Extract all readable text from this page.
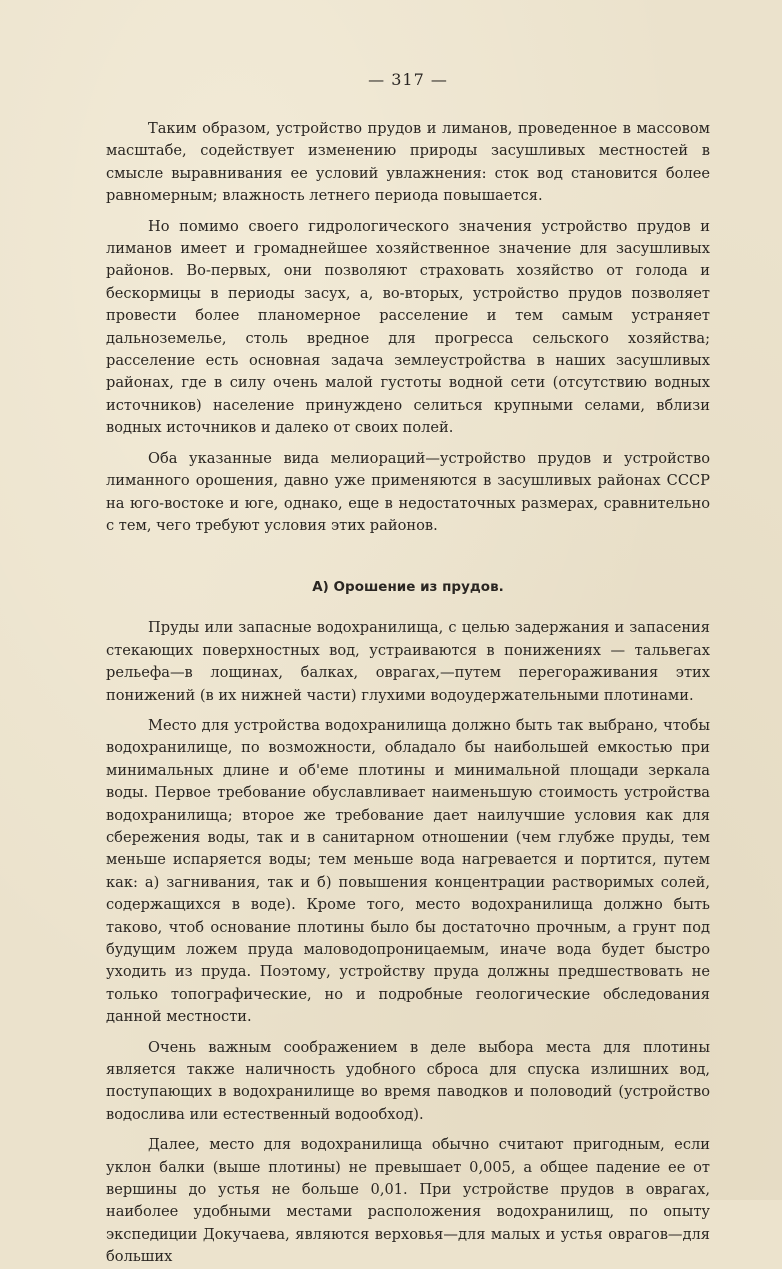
— 317 —

Таким образом, устройство прудов и лиманов, проведенное в массовом масштабе, содействует изменению природы засушливых местностей в смысле выравнивания ее условий увлажнения: сток вод становится более равномерным; влажность летнего периода повышается.

Но помимо своего гидрологического значения устройство прудов и лиманов имеет и громаднейшее хозяйственное значение для засушливых районов. Во-первых, они позволяют страховать хозяйство от голода и бескормицы в периоды засух, а, во-вторых, устройство прудов позволяет провести более планомерное расселение и тем самым устраняет дальноземелье, столь вредное для прогресса сельского хозяйства; расселение есть основная задача землеустройства в наших засушливых районах, где в силу очень малой густоты водной сети (отсутствию водных источников) население принуждено селиться крупными селами, вблизи водных источников и далеко от своих полей.

Оба указанные вида мелиораций—устройство прудов и устройство лиманного орошения, давно уже применяются в засушливых районах СССР на юго-востоке и юге, однако, еще в недостаточных размерах, сравнительно с тем, чего требуют условия этих районов.

А) Орошение из прудов.

Пруды или запасные водохранилища, с целью задержания и запасения стекающих поверхностных вод, устраиваются в понижениях — тальвегах рельефа—в лощинах, балках, оврагах,—путем перегораживания этих понижений (в их нижней части) глухими водоудержательными плотинами.

Место для устройства водохранилища должно быть так выбрано, чтобы водохранилище, по возможности, обладало бы наибольшей емкостью при минимальных длине и об'еме плотины и минимальной площади зеркала воды. Первое требование обуславливает наименьшую стоимость устройства водохранилища; второе же требование дает наилучшие условия как для сбережения воды, так и в санитарном отношении (чем глубже пруды, тем меньше испаряется воды; тем меньше вода нагревается и портится, путем как: а) загнивания, так и б) повышения концентрации растворимых солей, содержащихся в воде). Кроме того, место водохранилища должно быть таково, чтоб основание плотины было бы достаточно прочным, а грунт под будущим ложем пруда маловодопроницаемым, иначе вода будет быстро уходить из пруда. Поэтому, устройству пруда должны предшествовать не только топографические, но и подробные геологические обследования данной местности.

Очень важным соображением в деле выбора места для плотины является также наличность удобного сброса для спуска излишних вод, поступающих в водохранилище во время паводков и половодий (устройство водослива или естественный водообход).

Далее, место для водохранилища обычно считают пригодным, если уклон балки (выше плотины) не превышает 0,005, а общее падение ее от вершины до устья не больше 0,01. При устройстве прудов в оврагах, наиболее удобными местами расположения водохранилищ, по опыту экспедиции Докучаева, являются верховья—для малых и устья оврагов—для больших
